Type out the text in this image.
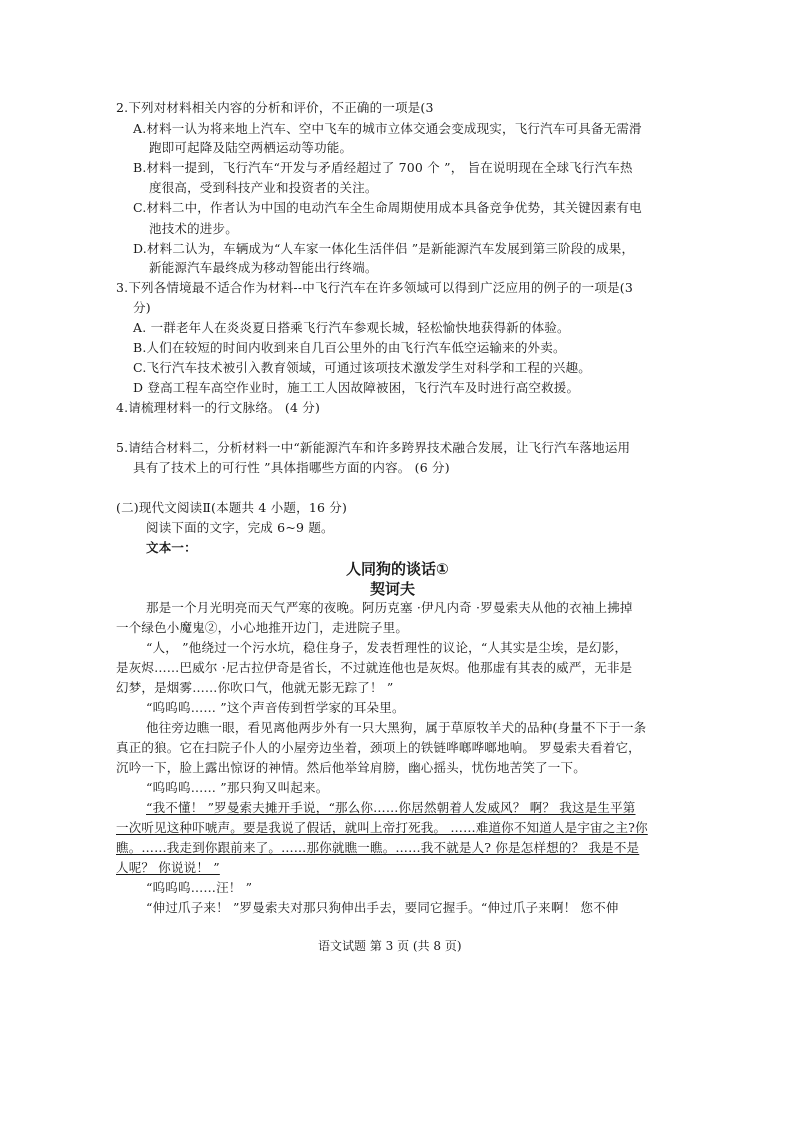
2.下列对材料相关内容的分析和评价，不正确的一项是(3
A.材料一认为将来地上汽车、空中飞车的城市立体交通会变成现实，飞行汽车可具备无需滑
跑即可起降及陆空两栖运动等功能。
B.材料一提到，飞行汽车“开发与矛盾经超过了 700 个 ”， 旨在说明现在全球飞行汽车热
度很高，受到科技产业和投资者的关注。
C.材料二中，作者认为中国的电动汽车全生命周期使用成本具备竞争优势，其关键因素有电
池技术的进步。
D.材料二认为，车辆成为“人车家一体化生活伴侣 ”是新能源汽车发展到第三阶段的成果，
新能源汽车最终成为移动智能出行终端。
3.下列各情境最不适合作为材料--中飞行汽车在许多领域可以得到广泛应用的例子的一项是(3
分)
A. 一群老年人在炎炎夏日搭乘飞行汽车参观长城，轻松愉快地获得新的体验。
B.人们在较短的时间内收到来自几百公里外的由飞行汽车低空运输来的外卖。
C.飞行汽车技术被引入教育领域，可通过该项技术激发学生对科学和工程的兴趣。
D 登高工程车高空作业时，施工工人因故障被困，飞行汽车及时进行高空救援。
4.请梳理材料一的行文脉络。 (4 分)
5.请结合材料二，分析材料一中“新能源汽车和许多跨界技术融合发展，让飞行汽车落地运用
具有了技术上的可行性 ”具体指哪些方面的内容。 (6 分)
(二)现代文阅读Ⅱ(本题共 4 小题，16 分)
阅读下面的文字，完成 6~9 题。
文本一：
人同狗的谈话①
契诃夫
那是一个月光明亮而天气严寒的夜晚。阿历克塞 ·伊凡内奇 ·罗曼索夫从他的衣袖上拂掉
一个绿色小魔鬼②，小心地推开边门，走进院子里。
“人， ”他绕过一个污水坑，稳住身子，发表哲理性的议论，“人其实是尘埃，是幻影，
是灰烬……巴威尔 ·尼古拉伊奇是省长，不过就连他也是灰烬。他那虚有其表的威严，无非是
幻梦，是烟雾……你吹口气，他就无影无踪了！ ”
“呜呜呜…… ”这个声音传到哲学家的耳朵里。
他往旁边瞧一眼，看见离他两步外有一只大黑狗，属于草原牧羊犬的品种(身量不下于一条
真正的狼。它在扫院子仆人的小屋旁边坐着，颈项上的铁链哗啷哗啷地响。 罗曼索夫看着它，
沉吟一下，脸上露出惊讶的神情。然后他举耸肩膀，幽心摇头，忧伤地苦笑了一下。
“呜呜呜…… ”那只狗又叫起来。
“我不懂！ ”罗曼索夫摊开手说，“那么你……你居然朝着人发威风？ 啊？ 我这是生平第
一次听见这种吓唬声。要是我说了假话，就叫上帝打死我。 ……难道你不知道人是宇宙之主?你
瞧。……我走到你跟前来了。……那你就瞧一瞧。……我不就是人? 你是怎样想的？ 我是不是
人呢？ 你说说！ ”
“呜呜呜……汪！ ”
“伸过爪子来！ ”罗曼索夫对那只狗伸出手去，要同它握手。“伸过爪子来啊！ 您不伸
语文试题 第 3 页 (共 8 页)
